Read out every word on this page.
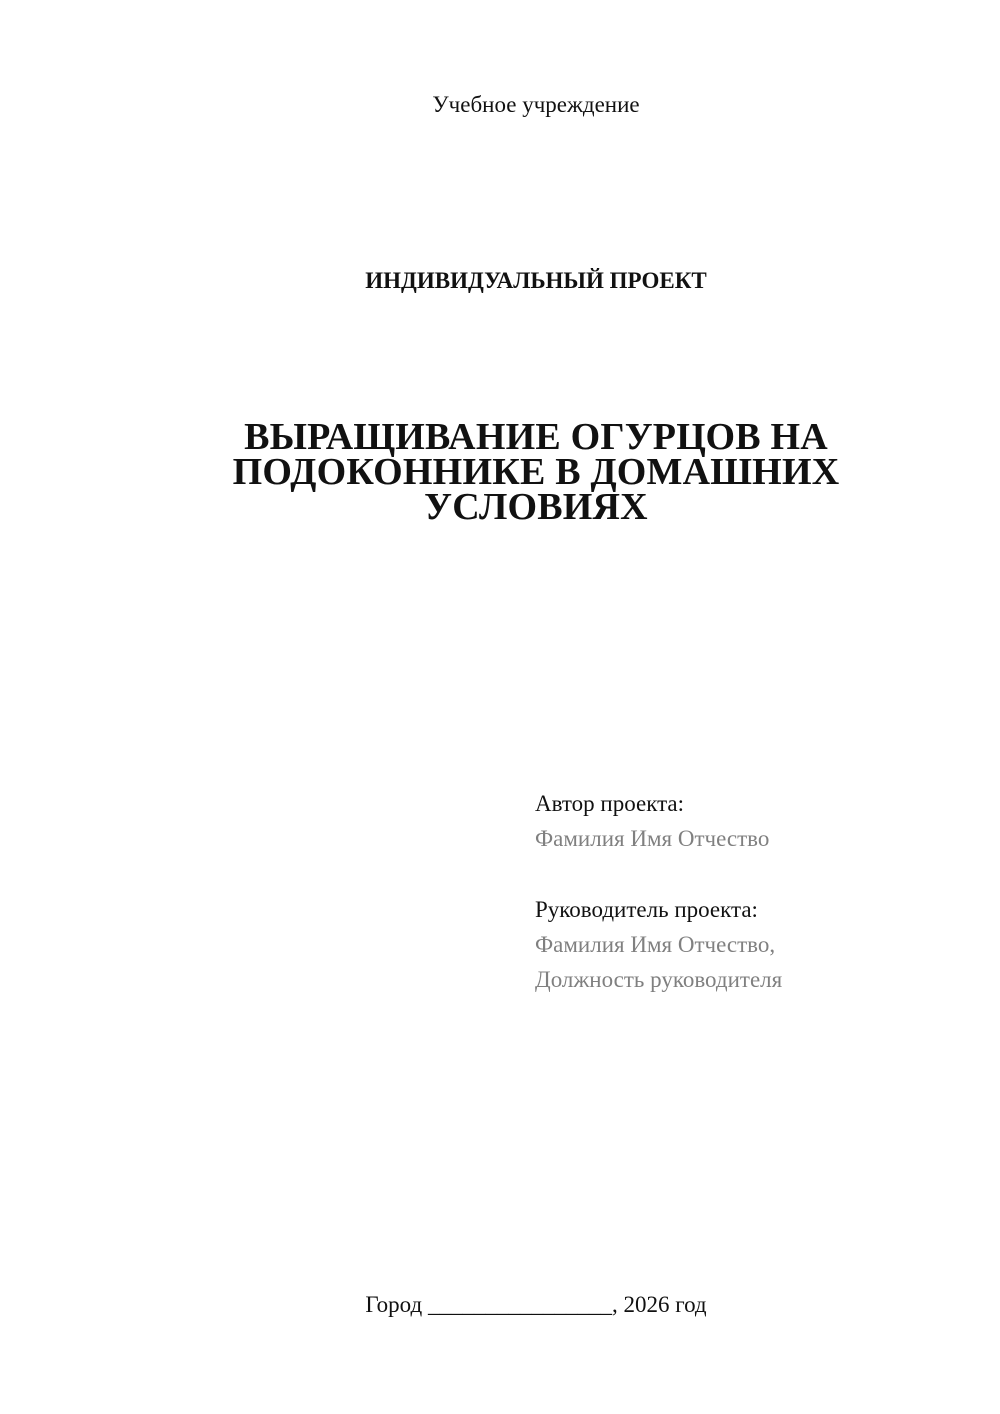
Учебное учреждение
ИНДИВИДУАЛЬНЫЙ ПРОЕКТ
ВЫРАЩИВАНИЕ ОГУРЦОВ НА
ПОДОКОННИКЕ В ДОМАШНИХ
УСЛОВИЯХ
Автор проекта:
Фамилия Имя Отчество
Руководитель проекта:
Фамилия Имя Отчество,
Должность руководителя
Город ________________, 2026 год
